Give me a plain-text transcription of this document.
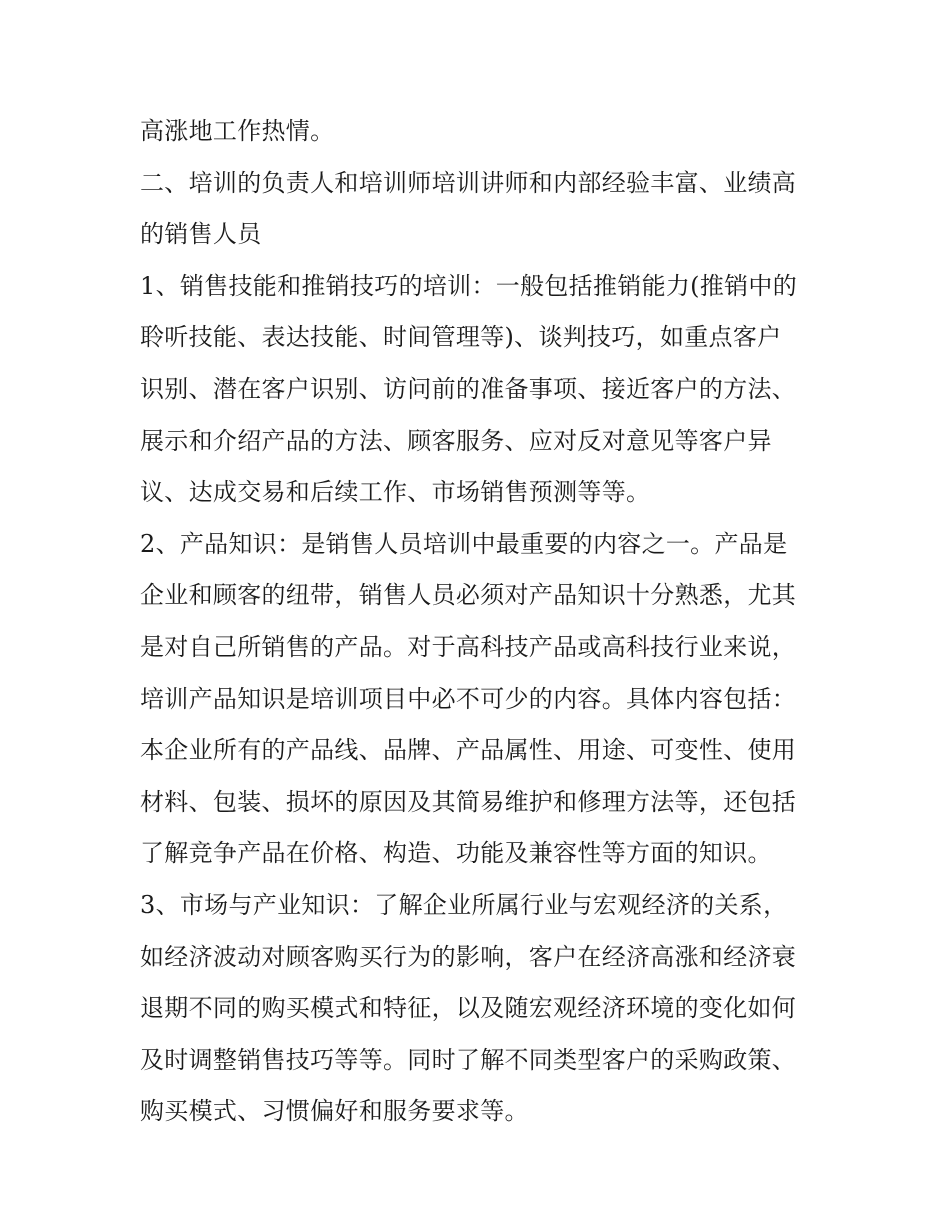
高涨地工作热情。
二、培训的负责人和培训师培训讲师和内部经验丰富、业绩高
的销售人员
1、销售技能和推销技巧的培训：一般包括推销能力(推销中的
聆听技能、表达技能、时间管理等)、谈判技巧，如重点客户
识别、潜在客户识别、访问前的准备事项、接近客户的方法、
展示和介绍产品的方法、顾客服务、应对反对意见等客户异
议、达成交易和后续工作、市场销售预测等等。
2、产品知识：是销售人员培训中最重要的内容之一。产品是
企业和顾客的纽带，销售人员必须对产品知识十分熟悉，尤其
是对自己所销售的产品。对于高科技产品或高科技行业来说，
培训产品知识是培训项目中必不可少的内容。具体内容包括：
本企业所有的产品线、品牌、产品属性、用途、可变性、使用
材料、包装、损坏的原因及其简易维护和修理方法等，还包括
了解竞争产品在价格、构造、功能及兼容性等方面的知识。
3、市场与产业知识：了解企业所属行业与宏观经济的关系，
如经济波动对顾客购买行为的影响，客户在经济高涨和经济衰
退期不同的购买模式和特征，以及随宏观经济环境的变化如何
及时调整销售技巧等等。同时了解不同类型客户的采购政策、
购买模式、习惯偏好和服务要求等。
